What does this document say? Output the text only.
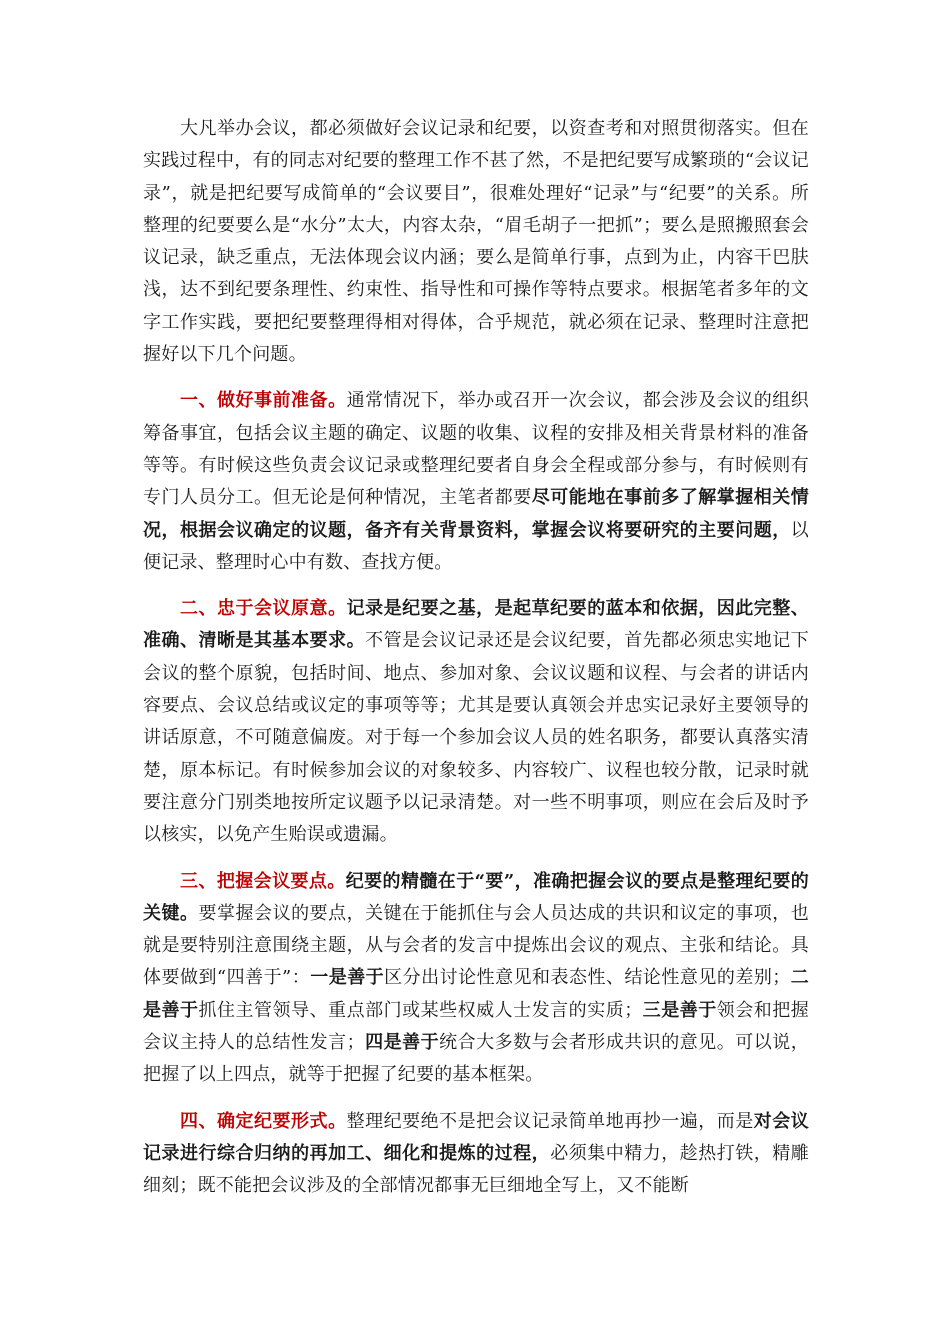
大凡举办会议，都必须做好会议记录和纪要，以资查考和对照贯彻落实。但在实践过程中，有的同志对纪要的整理工作不甚了然，不是把纪要写成繁琐的“会议记录”，就是把纪要写成简单的“会议要目”，很难处理好“记录”与“纪要”的关系。所整理的纪要要么是“水分”太大，内容太杂，“眉毛胡子一把抓”；要么是照搬照套会议记录，缺乏重点，无法体现会议内涵；要么是简单行事，点到为止，内容干巴肤浅，达不到纪要条理性、约束性、指导性和可操作等特点要求。根据笔者多年的文字工作实践，要把纪要整理得相对得体，合乎规范，就必须在记录、整理时注意把握好以下几个问题。

一、做好事前准备。通常情况下，举办或召开一次会议，都会涉及会议的组织筹备事宜，包括会议主题的确定、议题的收集、议程的安排及相关背景材料的准备等等。有时候这些负责会议记录或整理纪要者自身会全程或部分参与，有时候则有专门人员分工。但无论是何种情况，主笔者都要尽可能地在事前多了解掌握相关情况，根据会议确定的议题，备齐有关背景资料，掌握会议将要研究的主要问题，以便记录、整理时心中有数、查找方便。

二、忠于会议原意。记录是纪要之基，是起草纪要的蓝本和依据，因此完整、准确、清晰是其基本要求。不管是会议记录还是会议纪要，首先都必须忠实地记下会议的整个原貌，包括时间、地点、参加对象、会议议题和议程、与会者的讲话内容要点、会议总结或议定的事项等等；尤其是要认真领会并忠实记录好主要领导的讲话原意，不可随意偏废。对于每一个参加会议人员的姓名职务，都要认真落实清楚，原本标记。有时候参加会议的对象较多、内容较广、议程也较分散，记录时就要注意分门别类地按所定议题予以记录清楚。对一些不明事项，则应在会后及时予以核实，以免产生贻误或遗漏。

三、把握会议要点。纪要的精髓在于“要”，准确把握会议的要点是整理纪要的关键。要掌握会议的要点，关键在于能抓住与会人员达成的共识和议定的事项，也就是要特别注意围绕主题，从与会者的发言中提炼出会议的观点、主张和结论。具体要做到“四善于”：一是善于区分出讨论性意见和表态性、结论性意见的差别；二是善于抓住主管领导、重点部门或某些权威人士发言的实质；三是善于领会和把握会议主持人的总结性发言；四是善于统合大多数与会者形成共识的意见。可以说，把握了以上四点，就等于把握了纪要的基本框架。

四、确定纪要形式。整理纪要绝不是把会议记录简单地再抄一遍，而是对会议记录进行综合归纳的再加工、细化和提炼的过程，必须集中精力，趁热打铁，精雕细刻；既不能把会议涉及的全部情况都事无巨细地全写上，又不能断
